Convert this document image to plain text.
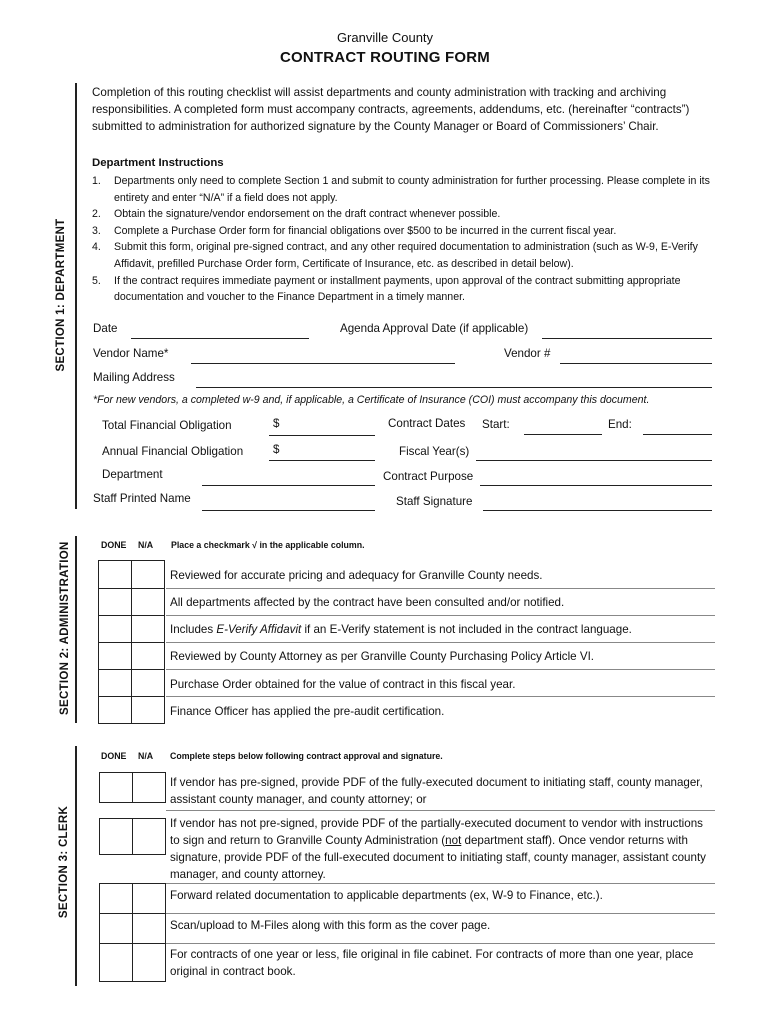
Granville County
CONTRACT ROUTING FORM
SECTION 1: DEPARTMENT
Completion of this routing checklist will assist departments and county administration with tracking and archiving responsibilities. A completed form must accompany contracts, agreements, addendums, etc. (hereinafter “contracts”) submitted to administration for authorized signature by the County Manager or Board of Commissioners’ Chair.
Department Instructions
1. Departments only need to complete Section 1 and submit to county administration for further processing. Please complete in its entirety and enter “N/A” if a field does not apply.
2. Obtain the signature/vendor endorsement on the draft contract whenever possible.
3. Complete a Purchase Order form for financial obligations over $500 to be incurred in the current fiscal year.
4. Submit this form, original pre-signed contract, and any other required documentation to administration (such as W-9, E-Verify Affidavit, prefilled Purchase Order form, Certificate of Insurance, etc. as described in detail below).
5. If the contract requires immediate payment or installment payments, upon approval of the contract submitting appropriate documentation and voucher to the Finance Department in a timely manner.
Date	Agenda Approval Date (if applicable)
Vendor Name*	Vendor #
Mailing Address
*For new vendors, a completed w-9 and, if applicable, a Certificate of Insurance (COI) must accompany this document.
Total Financial Obligation	$	Contract Dates Start:	End:
Annual Financial Obligation	$	Fiscal Year(s)
Department	Contract Purpose
Staff Printed Name	Staff Signature
SECTION 2: ADMINISTRATION	DONE N/A Place a checkmark √ in the applicable column.

Reviewed for accurate pricing and adequacy for Granville County needs.
All departments affected by the contract have been consulted and/or notified.
Includes E-Verify Affidavit if an E-Verify statement is not included in the contract language.
Reviewed by County Attorney as per Granville County Purchasing Policy Article VI.
Purchase Order obtained for the value of contract in this fiscal year.
Finance Officer has applied the pre-audit certification.
SECTION 3: CLERK
DONE N/A Complete steps below following contract approval and signature.

If vendor has pre-signed, provide PDF of the fully-executed document to initiating staff, county manager, assistant county manager, and county attorney; or
If vendor has not pre-signed, provide PDF of the partially-executed document to vendor with instructions to sign and return to Granville County Administration (not department staff). Once vendor returns with signature, provide PDF of the full-executed document to initiating staff, county manager, assistant county manager, and county attorney.
Forward related documentation to applicable departments (ex, W-9 to Finance, etc.).
Scan/upload to M-Files along with this form as the cover page.
For contracts of one year or less, file original in file cabinet. For contracts of more than one year, place original in contract book.
